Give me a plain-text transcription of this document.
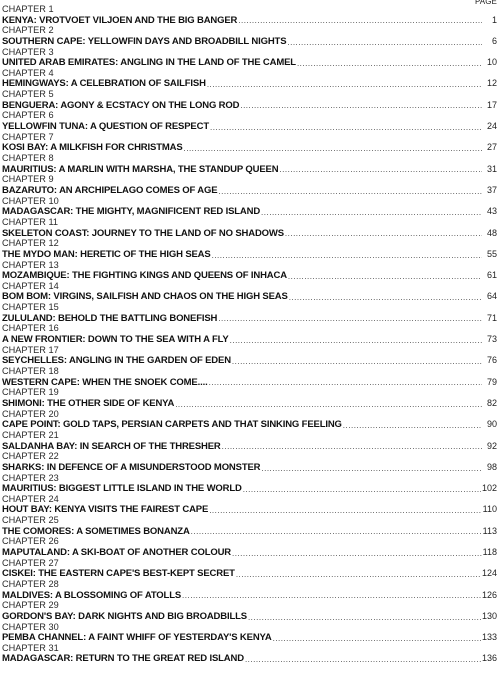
PAGE
CHAPTER 1
KENYA: VROTVOET VILJOEN AND THE BIG BANGER .....	1
CHAPTER 2
SOUTHERN CAPE: YELLOWFIN DAYS AND BROADBILL NIGHTS .....	6
CHAPTER 3
UNITED ARAB EMIRATES: ANGLING IN THE LAND OF THE CAMEL .....	10
CHAPTER 4
HEMINGWAYS: A CELEBRATION OF SAILFISH .....	12
CHAPTER 5
BENGUERA: AGONY & ECSTACY ON THE LONG ROD .....	17
CHAPTER 6
YELLOWFIN TUNA: A QUESTION OF RESPECT .....	24
CHAPTER 7
KOSI BAY: A MILKFISH FOR CHRISTMAS .....	27
CHAPTER 8
MAURITIUS: A MARLIN WITH MARSHA, THE STANDUP QUEEN .....	31
CHAPTER 9
BAZARUTO: AN ARCHIPELAGO COMES OF AGE .....	37
CHAPTER 10
MADAGASCAR: THE MIGHTY, MAGNIFICENT RED ISLAND .....	43
CHAPTER 11
SKELETON COAST: JOURNEY TO THE LAND OF NO SHADOWS .....	48
CHAPTER 12
THE MYDO MAN: HERETIC OF THE HIGH SEAS .....	55
CHAPTER 13
MOZAMBIQUE: THE FIGHTING KINGS AND QUEENS OF INHACA .....	61
CHAPTER 14
BOM BOM: VIRGINS, SAILFISH AND CHAOS ON THE HIGH SEAS .....	64
CHAPTER 15
ZULULAND: BEHOLD THE BATTLING BONEFISH .....	71
CHAPTER 16
A NEW FRONTIER: DOWN TO THE SEA WITH A FLY .....	73
CHAPTER 17
SEYCHELLES: ANGLING IN THE GARDEN OF EDEN .....	76
CHAPTER 18
WESTERN CAPE: WHEN THE SNOEK COME.... .....	79
CHAPTER 19
SHIMONI: THE OTHER SIDE OF KENYA .....	82
CHAPTER 20
CAPE POINT: GOLD TAPS, PERSIAN CARPETS AND THAT SINKING FEELING .....	90
CHAPTER 21
SALDANHA BAY: IN SEARCH OF THE THRESHER .....	92
CHAPTER 22
SHARKS: IN DEFENCE OF A MISUNDERSTOOD MONSTER .....	98
CHAPTER 23
MAURITIUS: BIGGEST LITTLE ISLAND IN THE WORLD .....	102
CHAPTER 24
HOUT BAY: KENYA VISITS THE FAIREST CAPE .....	110
CHAPTER 25
THE COMORES: A SOMETIMES BONANZA .....	113
CHAPTER 26
MAPUTALAND: A SKI-BOAT OF ANOTHER COLOUR .....	118
CHAPTER 27
CISKEI: THE EASTERN CAPE'S BEST-KEPT SECRET .....	124
CHAPTER 28
MALDIVES: A BLOSSOMING OF ATOLLS .....	126
CHAPTER 29
GORDON'S BAY: DARK NIGHTS AND BIG BROADBILLS .....	130
CHAPTER 30
PEMBA CHANNEL: A FAINT WHIFF OF YESTERDAY'S KENYA .....	133
CHAPTER 31
MADAGASCAR: RETURN TO THE GREAT RED ISLAND .....	136
